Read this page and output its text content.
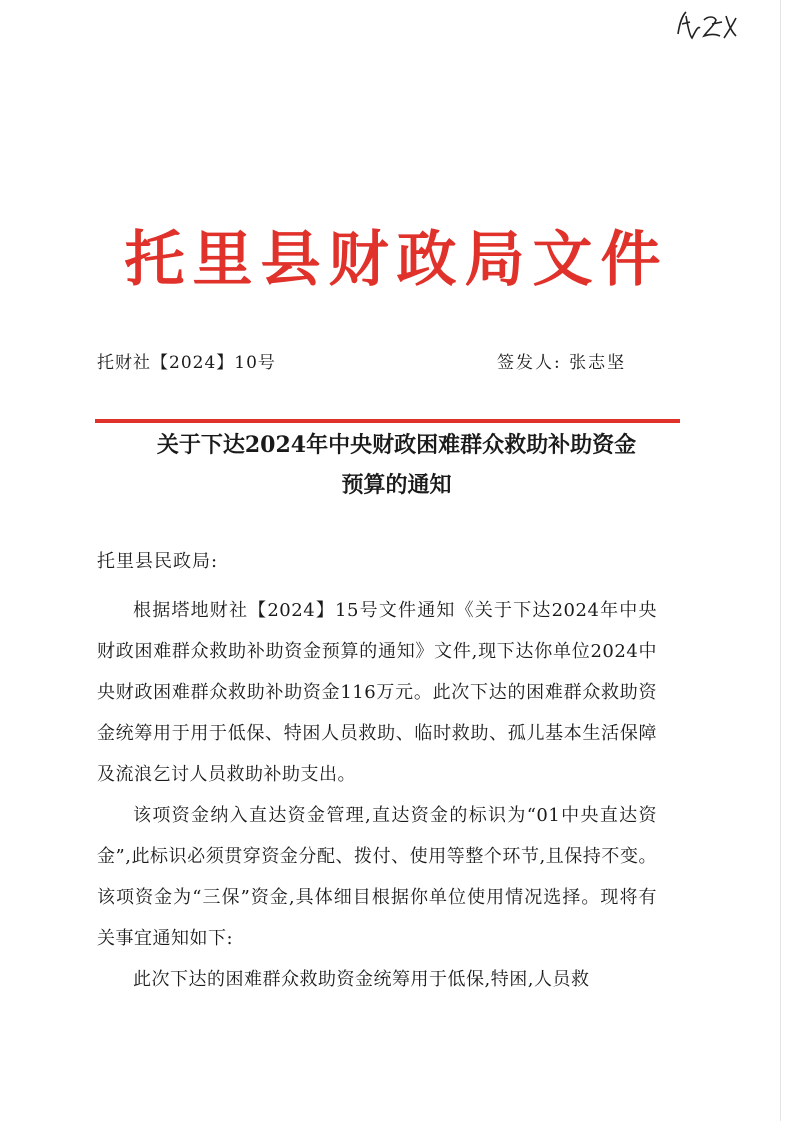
托里县财政局文件
托财社【2024】10号	签发人: 张志坚
关于下达2024年中央财政困难群众救助补助资金
预算的通知
托里县民政局:

根据塔地财社【2024】15号文件通知《关于下达2024年中央财政困难群众救助补助资金预算的通知》文件,现下达你单位2024中央财政困难群众救助补助资金116万元。此次下达的困难群众救助资金统筹用于用于低保、特困人员救助、临时救助、孤儿基本生活保障及流浪乞讨人员救助补助支出。

该项资金纳入直达资金管理,直达资金的标识为“01中央直达资金”,此标识必须贯穿资金分配、拨付、使用等整个环节,且保持不变。该项资金为“三保”资金,具体细目根据你单位使用情况选择。现将有关事宜通知如下:

此次下达的困难群众救助资金统筹用于低保,特困,人员救
